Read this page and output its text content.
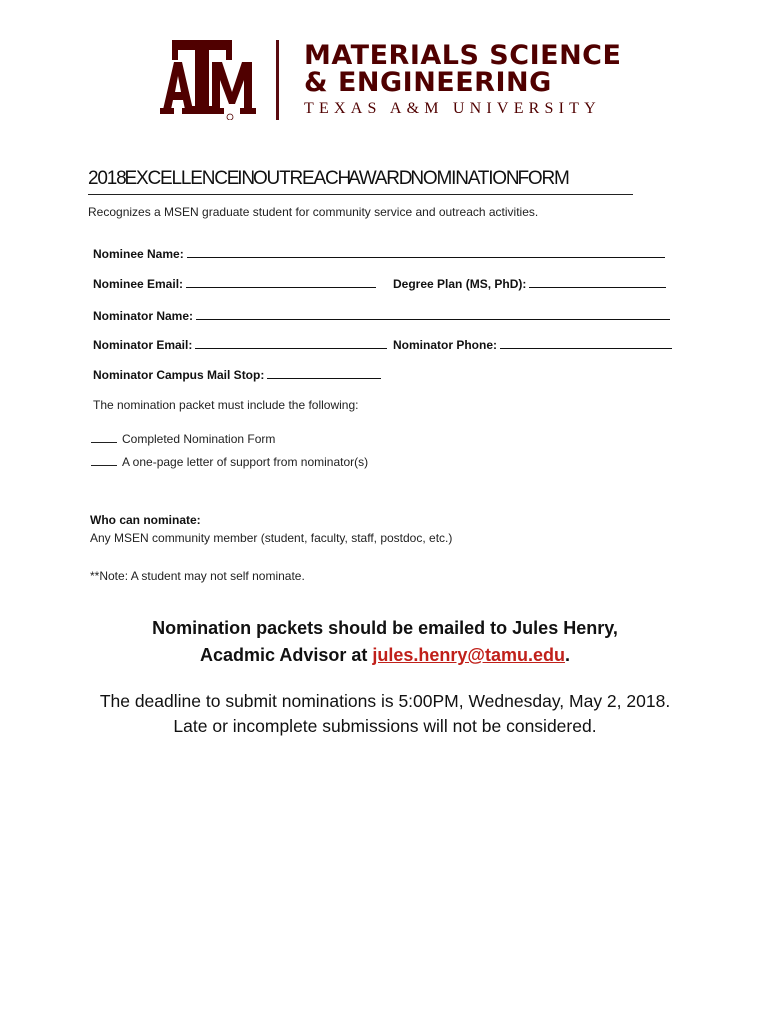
MATERIALS SCIENCE
& ENGINEERING
TEXAS A&M UNIVERSITY
2018 EXCELLENCE IN OUTREACH AWARD NOMINATION FORM
Recognizes a MSEN graduate student for community service and outreach activities.
Nominee Name:
Nominee Email:	Degree Plan (MS, PhD):
Nominator Name:
Nominator Email:	Nominator Phone:
Nominator Campus Mail Stop:
The nomination packet must include the following:
Completed Nomination Form
A one-page letter of support from nominator(s)
Who can nominate:
Any MSEN community member (student, faculty, staff, postdoc, etc.)
**Note: A student may not self nominate.
Nomination packets should be emailed to Jules Henry,
Acadmic Advisor at jules.henry@tamu.edu.
The deadline to submit nominations is 5:00PM, Wednesday, May 2, 2018.
Late or incomplete submissions will not be considered.
